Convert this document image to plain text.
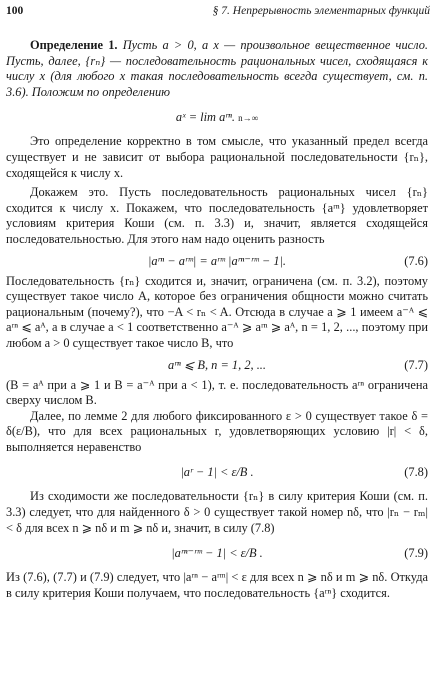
100	§ 7. Непрерывность элементарных функций

Определение 1. Пусть a > 0, a x — произвольное вещественное число. Пусть, далее, {rₙ} — последовательность рациональных чисел, сходящаяся к числу x (для любого x такая последовательность всегда существует, см. п. 3.6). Положим по определению

aˣ = lim aʳⁿ. n→∞

Это определение корректно в том смысле, что указанный предел всегда существует и не зависит от выбора рациональной последовательности {rₙ}, сходящейся к числу x.

Докажем это. Пусть последовательность рациональных чисел {rₙ} сходится к числу x. Покажем, что последовательность {aʳⁿ} удовлетворяет условиям критерия Коши (см. п. 3.3) и, значит, является сходящейся последовательностью. Для этого нам надо оценить разность

|aʳⁿ − aʳᵐ| = aʳᵐ |aʳⁿ⁻ʳᵐ − 1|.	(7.6)

Последовательность {rₙ} сходится и, значит, ограничена (см. п. 3.2), поэтому существует такое число A, которое без ограничения общности можно считать рациональным (почему?), что −A < rₙ < A. Отсюда в случае a ⩾ 1 имеем a⁻ᴬ ⩽ aʳⁿ ⩽ aᴬ, а в случае a < 1 соответственно a⁻ᴬ ⩾ aʳⁿ ⩾ aᴬ, n = 1, 2, ..., поэтому при любом a > 0 существует такое число B, что

aʳⁿ ⩽ B, n = 1, 2, ...	(7.7)

(B = aᴬ при a ⩾ 1 и B = a⁻ᴬ при a < 1), т. е. последовательность aʳⁿ ограничена сверху числом B.

Далее, по лемме 2 для любого фиксированного ε > 0 существует такое δ = δ(ε/B), что для всех рациональных r, удовлетворяющих условию |r| < δ, выполняется неравенство

|aʳ − 1| < ε/B .	(7.8)

Из сходимости же последовательности {rₙ} в силу критерия Коши (см. п. 3.3) следует, что для найденного δ > 0 существует такой номер nδ, что |rₙ − rₘ| < δ для всех n ⩾ nδ и m ⩾ nδ и, значит, в силу (7.8)

|aʳⁿ⁻ʳᵐ − 1| < ε/B .	(7.9)

Из (7.6), (7.7) и (7.9) следует, что |aʳⁿ − aʳᵐ| < ε для всех n ⩾ nδ и m ⩾ nδ. Откуда в силу критерия Коши получаем, что последовательность {aʳⁿ} сходится.
